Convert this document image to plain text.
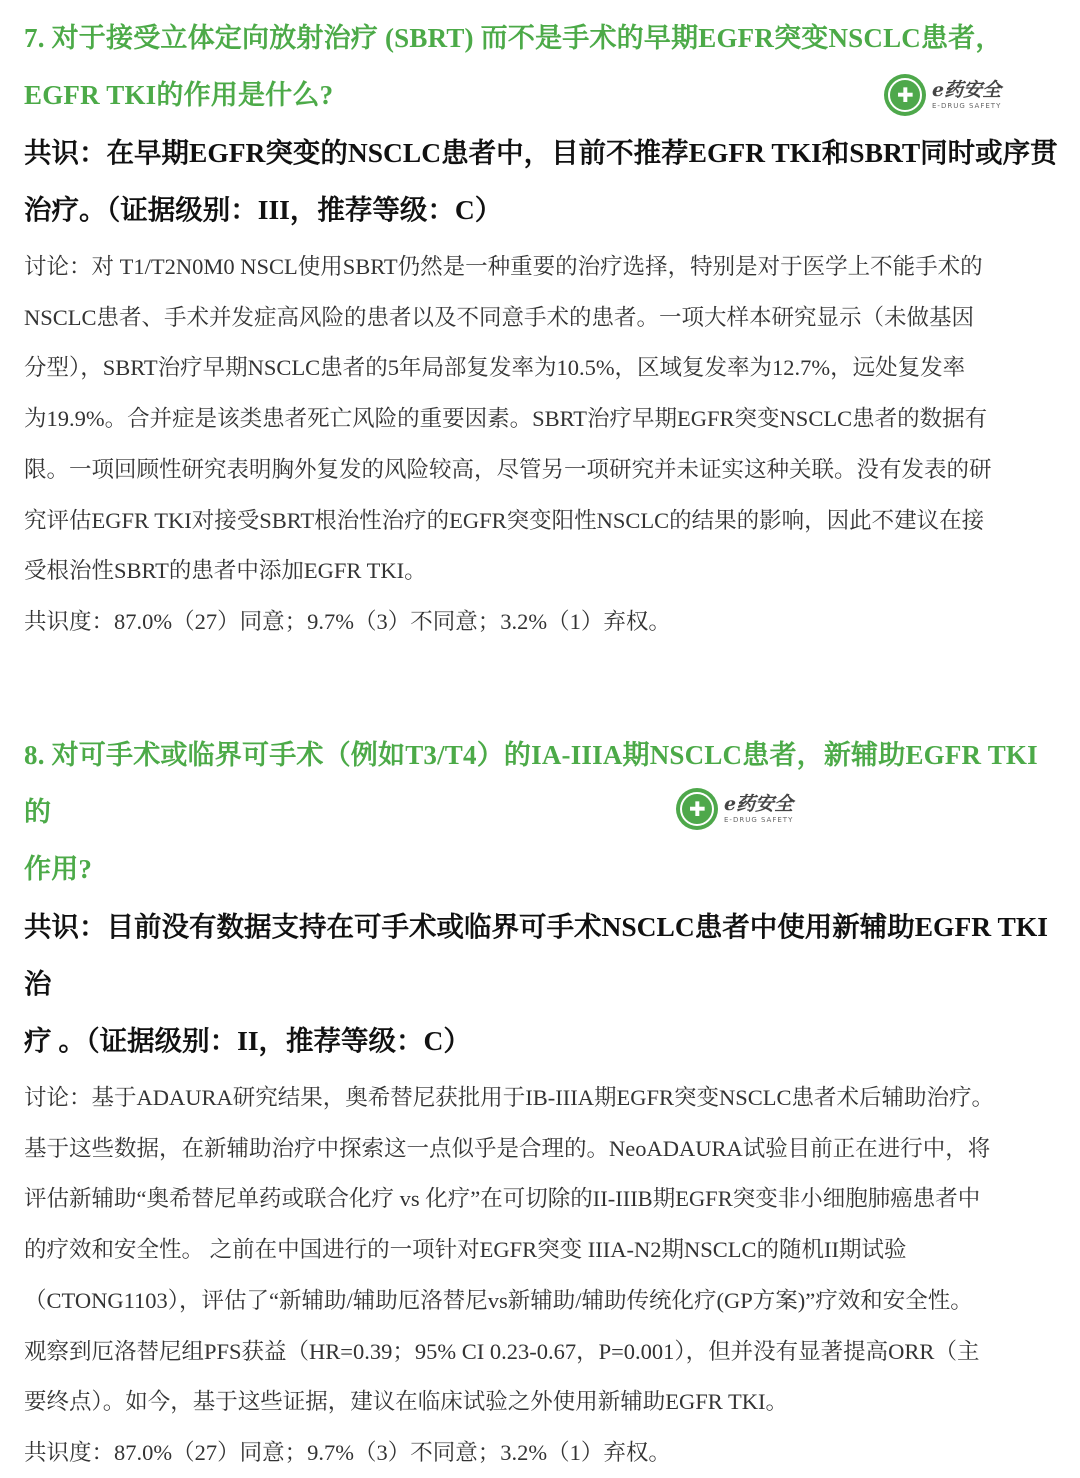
7. 对于接受立体定向放射治疗 (SBRT) 而不是手术的早期EGFR突变NSCLC患者，
EGFR TKI的作用是什么?
共识：在早期EGFR突变的NSCLC患者中，目前不推荐EGFR TKI和SBRT同时或序贯
治疗。（证据级别：III，推荐等级：C）
讨论：对 T1/T2N0M0 NSCL使用SBRT仍然是一种重要的治疗选择，特别是对于医学上不能手术的
NSCLC患者、手术并发症高风险的患者以及不同意手术的患者。一项大样本研究显示（未做基因
分型），SBRT治疗早期NSCLC患者的5年局部复发率为10.5%，区域复发率为12.7%，远处复发率
为19.9%。合并症是该类患者死亡风险的重要因素。SBRT治疗早期EGFR突变NSCLC患者的数据有
限。一项回顾性研究表明胸外复发的风险较高，尽管另一项研究并未证实这种关联。没有发表的研
究评估EGFR TKI对接受SBRT根治性治疗的EGFR突变阳性NSCLC的结果的影响，因此不建议在接
受根治性SBRT的患者中添加EGFR TKI。
共识度：87.0%（27）同意；9.7%（3）不同意；3.2%（1）弃权。
✚ e药安全
E-DRUG SAFETY
8. 对可手术或临界可手术（例如T3/T4）的IA-IIIA期NSCLC患者，新辅助EGFR TKI的
作用?
共识：目前没有数据支持在可手术或临界可手术NSCLC患者中使用新辅助EGFR TKI治
疗 。（证据级别：II，推荐等级：C）
讨论：基于ADAURA研究结果，奥希替尼获批用于IB-IIIA期EGFR突变NSCLC患者术后辅助治疗。
基于这些数据，在新辅助治疗中探索这一点似乎是合理的。NeoADAURA试验目前正在进行中，将
评估新辅助“奥希替尼单药或联合化疗 vs 化疗”在可切除的II-IIIB期EGFR突变非小细胞肺癌患者中
的疗效和安全性。 之前在中国进行的一项针对EGFR突变 IIIA-N2期NSCLC的随机II期试验
（CTONG1103），评估了“新辅助/辅助厄洛替尼vs新辅助/辅助传统化疗(GP方案)”疗效和安全性。
观察到厄洛替尼组PFS获益（HR=0.39；95% CI 0.23-0.67，P=0.001），但并没有显著提高ORR（主
要终点）。如今，基于这些证据，建议在临床试验之外使用新辅助EGFR TKI。
共识度：87.0%（27）同意；9.7%（3）不同意；3.2%（1）弃权。
✚ e药安全
E-DRUG SAFETY
